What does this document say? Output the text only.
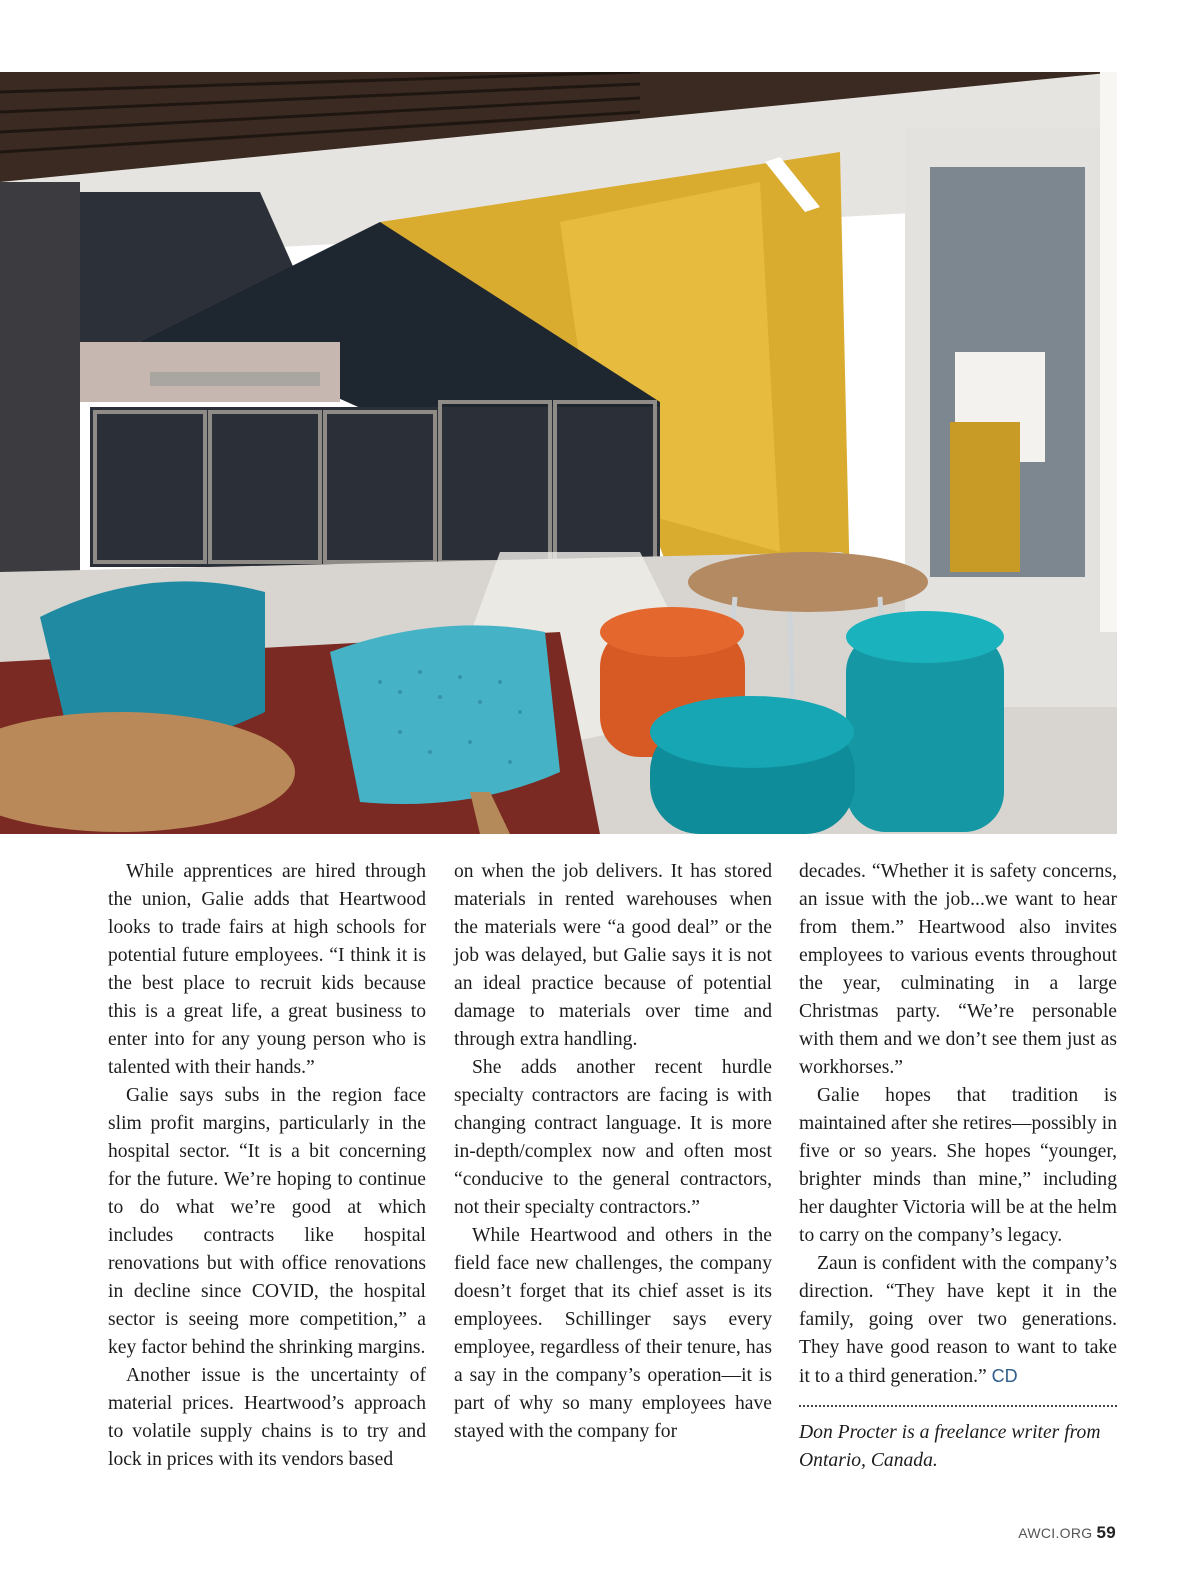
While apprentices are hired through the union, Galie adds that Heartwood looks to trade fairs at high schools for potential future employees. “I think it is the best place to recruit kids because this is a great life, a great business to enter into for any young person who is talented with their hands.”

Galie says subs in the region face slim profit margins, particularly in the hospital sector. “It is a bit concerning for the future. We’re hoping to continue to do what we’re good at which includes contracts like hospital renovations but with office renovations in decline since COVID, the hospital sector is seeing more competition,” a key factor behind the shrinking margins.

Another issue is the uncertainty of material prices. Heartwood’s approach to volatile supply chains is to try and lock in prices with its vendors based

on when the job delivers. It has stored materials in rented warehouses when the materials were “a good deal” or the job was delayed, but Galie says it is not an ideal practice because of potential damage to materials over time and through extra handling.

She adds another recent hurdle specialty contractors are facing is with changing contract language. It is more in-depth/complex now and often most “conducive to the general contractors, not their specialty contractors.”

While Heartwood and others in the field face new challenges, the company doesn’t forget that its chief asset is its employees. Schillinger says every employee, regardless of their tenure, has a say in the company’s operation—it is part of why so many employees have stayed with the company for

decades. “Whether it is safety concerns, an issue with the job...we want to hear from them.” Heartwood also invites employees to various events throughout the year, culminating in a large Christmas party. “We’re personable with them and we don’t see them just as workhorses.”

Galie hopes that tradition is maintained after she retires—possibly in five or so years. She hopes “younger, brighter minds than mine,” including her daughter Victoria will be at the helm to carry on the company’s legacy.

Zaun is confident with the company’s direction. “They have kept it in the family, going over two generations. They have good reason to want to take it to a third generation.” CD

Don Procter is a freelance writer from Ontario, Canada.

AWCI.ORG 59
